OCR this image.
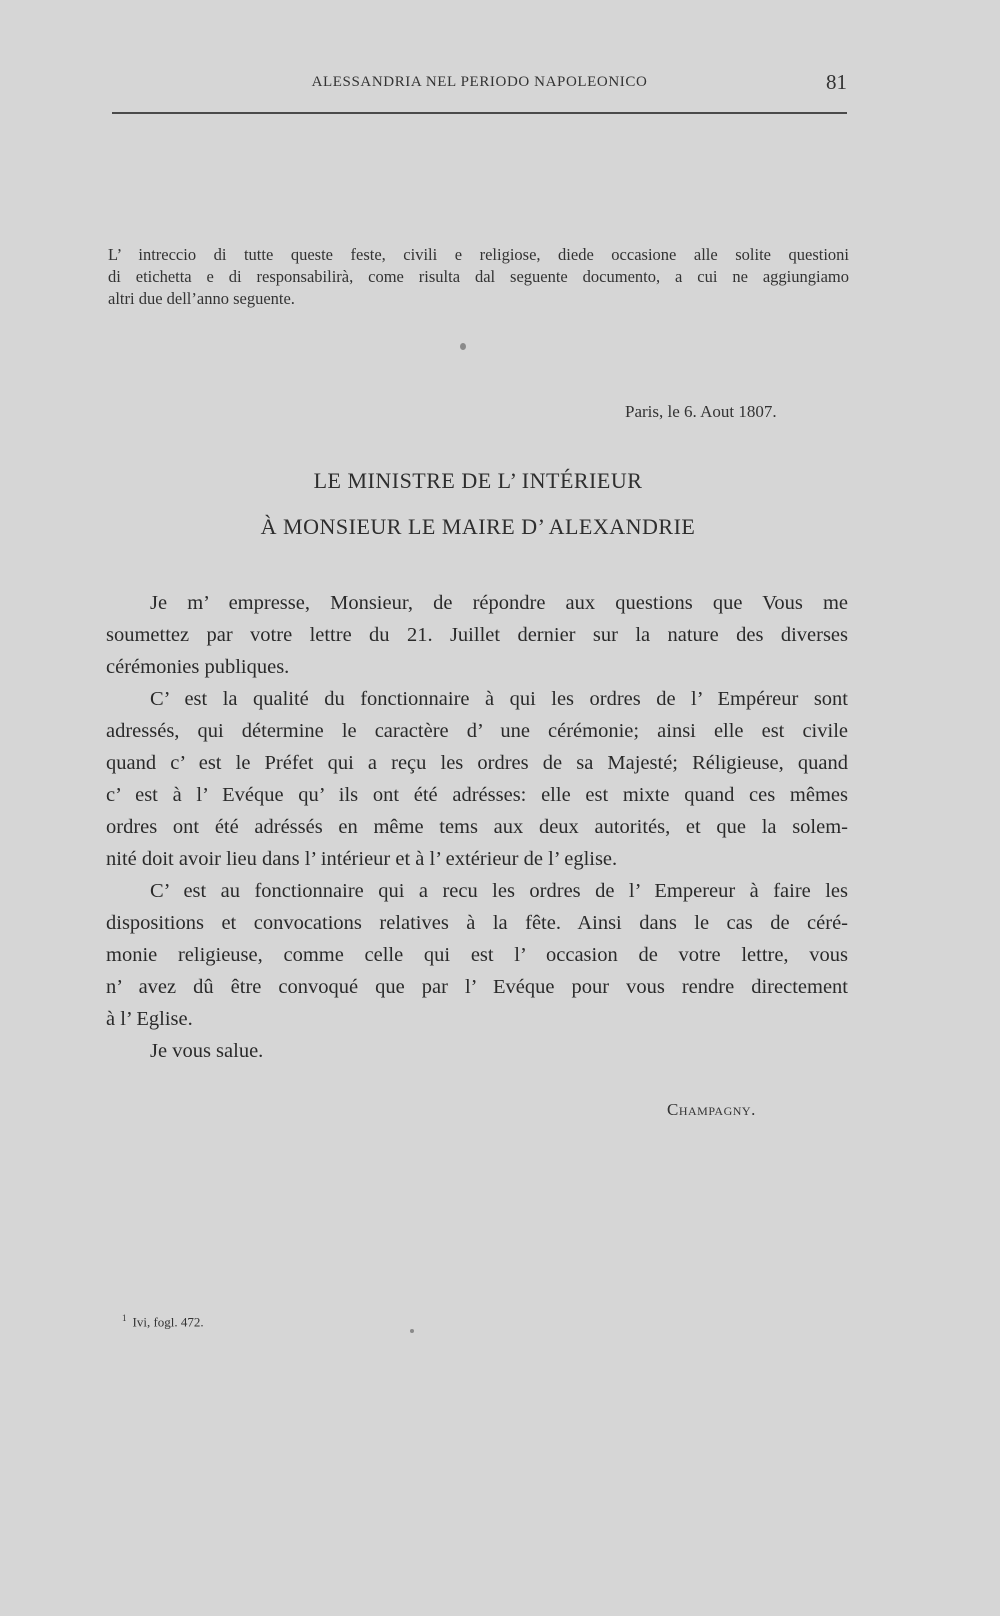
ALESSANDRIA NEL PERIODO NAPOLEONICO	81
L’ intreccio di tutte queste feste, civili e religiose, diede occasione alle solite questioni
di etichetta e di responsabilirà, come risulta dal seguente documento, a cui ne aggiungiamo
altri due dell’anno seguente.
Paris, le 6. Aout 1807.
LE MINISTRE DE L’ INTÉRIEUR
À MONSIEUR LE MAIRE D’ ALEXANDRIE
Je m’ empresse, Monsieur, de répondre aux questions que Vous me
soumettez par votre lettre du 21. Juillet dernier sur la nature des diverses
cérémonies publiques.
C’ est la qualité du fonctionnaire à qui les ordres de l’ Empéreur sont
adressés, qui détermine le caractère d’ une cérémonie; ainsi elle est civile
quand c’ est le Préfet qui a reçu les ordres de sa Majesté; Réligieuse, quand
c’ est à l’ Evéque qu’ ils ont été adrésses: elle est mixte quand ces mêmes
ordres ont été adréssés en même tems aux deux autorités, et que la solem-
nité doit avoir lieu dans l’ intérieur et à l’ extérieur de l’ eglise.
C’ est au fonctionnaire qui a recu les ordres de l’ Empereur à faire les
dispositions et convocations relatives à la fête. Ainsi dans le cas de céré-
monie religieuse, comme celle qui est l’ occasion de votre lettre, vous
n’ avez dû être convoqué que par l’ Evéque pour vous rendre directement
à l’ Eglise.
Je vous salue.
Champagny.
$^1$ Ivi, fogl. 472.
